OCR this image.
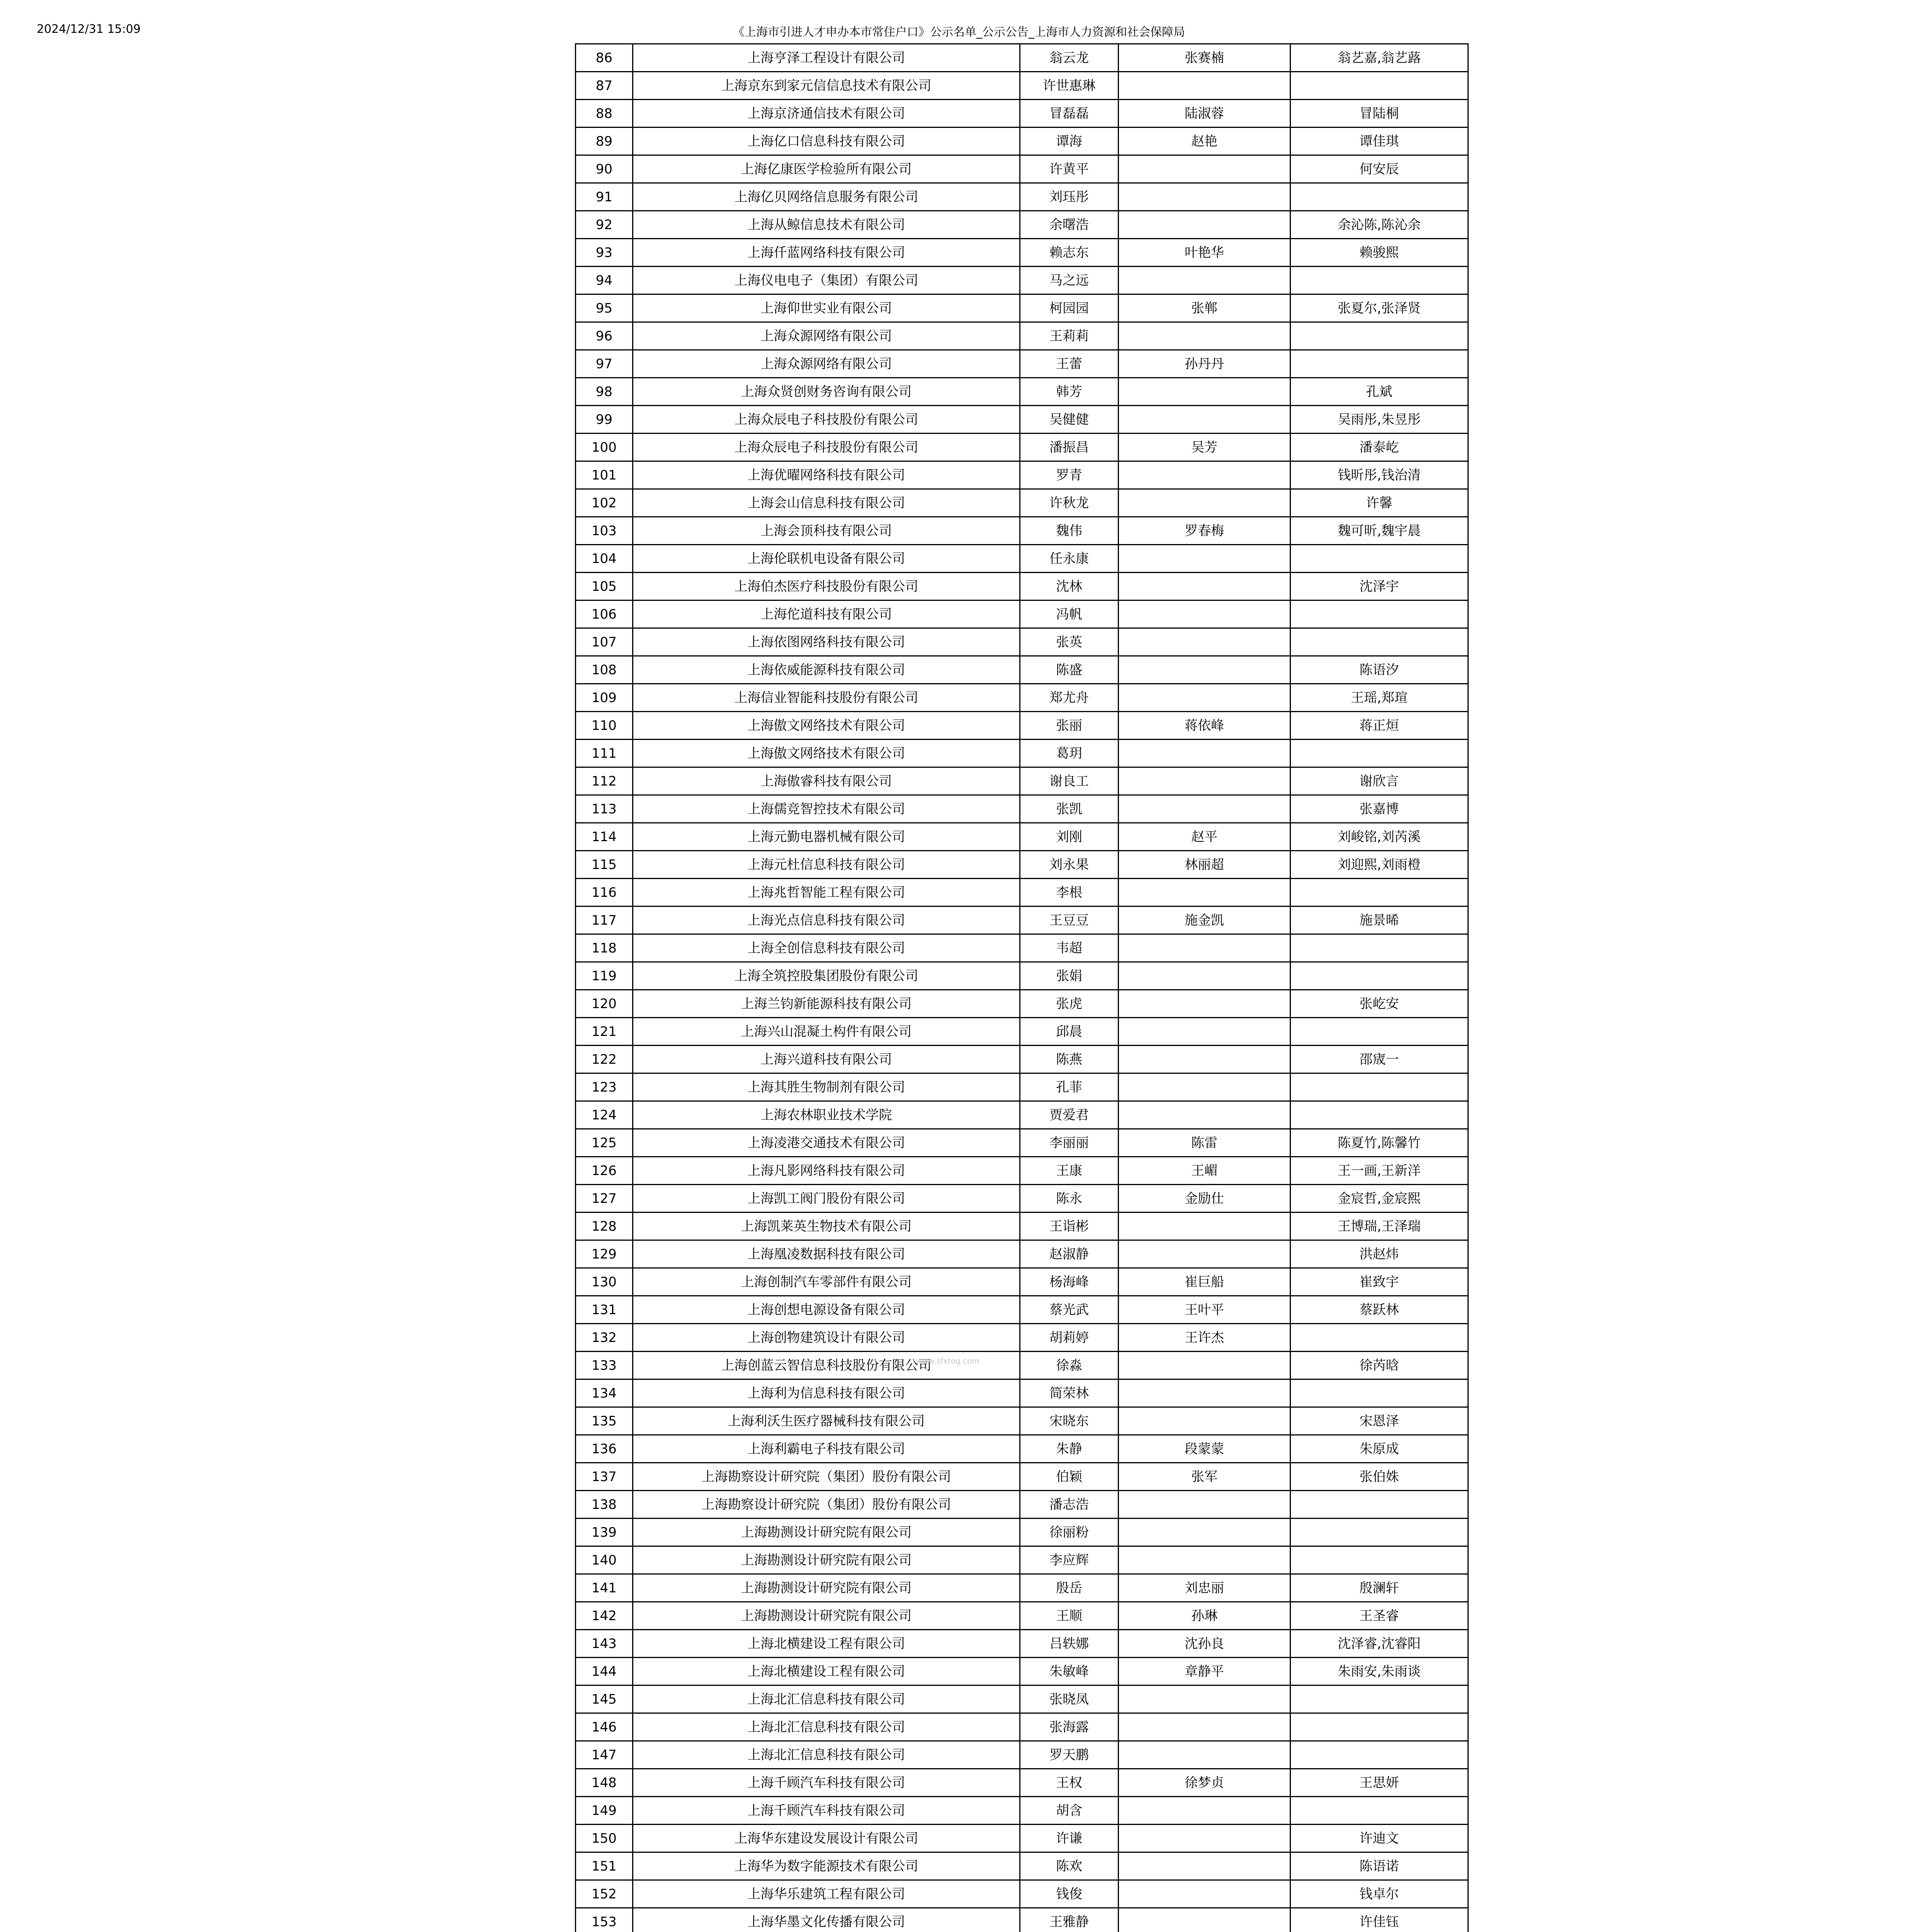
2024/12/31 15:09	《上海市引进人才申办本市常住户口》公示名单_公示公告_上海市人力资源和社会保障局
86	上海亨泽工程设计有限公司	翁云龙	张赛楠	翁艺嘉,翁艺蕗
87	上海京东到家元信信息技术有限公司	许世惠琳		
88	上海京济通信技术有限公司	冒磊磊	陆淑蓉	冒陆桐
89	上海亿口信息科技有限公司	谭海	赵艳	谭佳琪
90	上海亿康医学检验所有限公司	许黄平		何安辰
91	上海亿贝网络信息服务有限公司	刘珏彤		
92	上海从鲸信息技术有限公司	余曙浩		余沁陈,陈沁余
93	上海仟蓝网络科技有限公司	赖志东	叶艳华	赖骏熙
94	上海仪电电子（集团）有限公司	马之远		
95	上海仰世实业有限公司	柯园园	张郸	张夏尔,张泽贤
96	上海众源网络有限公司	王莉莉		
97	上海众源网络有限公司	王蕾	孙丹丹	
98	上海众贤创财务咨询有限公司	韩芳		孔斌
99	上海众辰电子科技股份有限公司	吴健健		吴雨彤,朱昱彤
100	上海众辰电子科技股份有限公司	潘振昌	吴芳	潘泰屹
101	上海优曜网络科技有限公司	罗青		钱昕彤,钱治清
102	上海会山信息科技有限公司	许秋龙		许馨
103	上海会顶科技有限公司	魏伟	罗春梅	魏可昕,魏宇晨
104	上海伦联机电设备有限公司	任永康		
105	上海伯杰医疗科技股份有限公司	沈林		沈泽宇
106	上海佗道科技有限公司	冯帆		
107	上海依图网络科技有限公司	张英		
108	上海依威能源科技有限公司	陈盛		陈语汐
109	上海信业智能科技股份有限公司	郑尤舟		王瑶,郑瑄
110	上海傲文网络技术有限公司	张丽	蒋依峰	蒋正烜
111	上海傲文网络技术有限公司	葛玥		
112	上海傲睿科技有限公司	谢良工		谢欣言
113	上海儒竞智控技术有限公司	张凯		张嘉博
114	上海元勤电器机械有限公司	刘刚	赵平	刘峻铭,刘芮溪
115	上海元杜信息科技有限公司	刘永果	林丽超	刘迎熙,刘雨橙
116	上海兆哲智能工程有限公司	李根		
117	上海光点信息科技有限公司	王豆豆	施金凯	施景晞
118	上海全创信息科技有限公司	韦超		
119	上海全筑控股集团股份有限公司	张娟		
120	上海兰钧新能源科技有限公司	张虎		张屹安
121	上海兴山混凝土构件有限公司	邱晨		
122	上海兴道科技有限公司	陈燕		邵宬一
123	上海其胜生物制剂有限公司	孔菲		
124	上海农林职业技术学院	贾爱君		
125	上海凌港交通技术有限公司	李丽丽	陈雷	陈夏竹,陈馨竹
126	上海凡影网络科技有限公司	王康	王嵋	王一画,王新洋
127	上海凯工阀门股份有限公司	陈永	金励仕	金宸哲,金宸熙
128	上海凯莱英生物技术有限公司	王诣彬		王博瑞,王泽瑞
129	上海凰凌数据科技有限公司	赵淑静		洪赵炜
130	上海创制汽车零部件有限公司	杨海峰	崔巨船	崔致宇
131	上海创想电源设备有限公司	蔡光武	王叶平	蔡跃林
132	上海创物建筑设计有限公司	胡莉婷	王许杰	
133	上海创蓝云智信息科技股份有限公司	徐淼		徐芮晗
134	上海利为信息科技有限公司	简荣林		
135	上海利沃生医疗器械科技有限公司	宋晓东		宋恩泽
136	上海利霸电子科技有限公司	朱静	段蒙蒙	朱原成
137	上海勘察设计研究院（集团）股份有限公司	伯颖	张军	张伯姝
138	上海勘察设计研究院（集团）股份有限公司	潘志浩		
139	上海勘测设计研究院有限公司	徐丽粉		
140	上海勘测设计研究院有限公司	李应辉		
141	上海勘测设计研究院有限公司	殷岳	刘忠丽	殷澜轩
142	上海勘测设计研究院有限公司	王顺	孙琳	王圣睿
143	上海北横建设工程有限公司	吕轶娜	沈孙良	沈泽睿,沈睿阳
144	上海北横建设工程有限公司	朱敏峰	章静平	朱雨安,朱雨谈
145	上海北汇信息科技有限公司	张晓凤		
146	上海北汇信息科技有限公司	张海露		
147	上海北汇信息科技有限公司	罗天鹏		
148	上海千顾汽车科技有限公司	王权	徐梦贞	王思妍
149	上海千顾汽车科技有限公司	胡含		
150	上海华东建设发展设计有限公司	许谦		许迪文
151	上海华为数字能源技术有限公司	陈欢		陈语诺
152	上海华乐建筑工程有限公司	钱俊		钱卓尔
153	上海华墨文化传播有限公司	王雅静		许佳钰

www.sfxtog.com
